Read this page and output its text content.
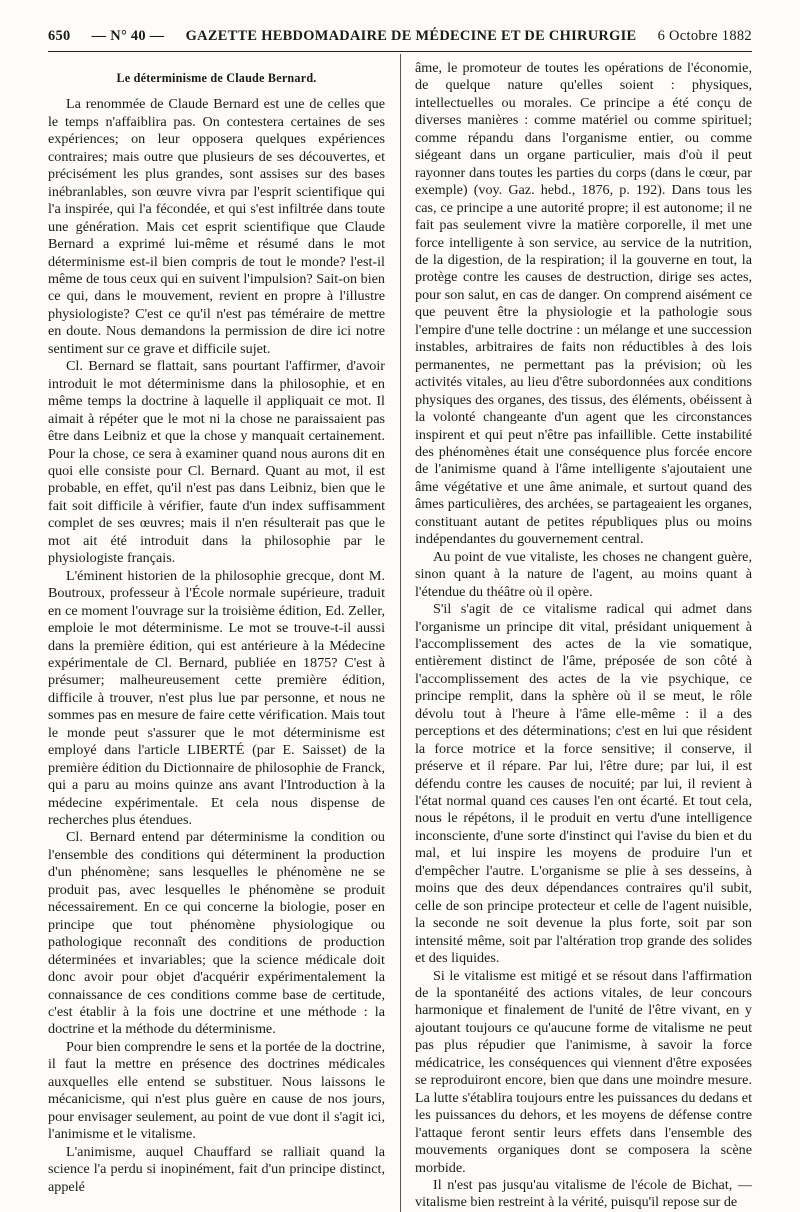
650 — N° 40 — GAZETTE HEBDOMADAIRE DE MÉDECINE ET DE CHIRURGIE 6 Octobre 1882
Le déterminisme de Claude Bernard.

La renommée de Claude Bernard est une de celles que le temps n'affaiblira pas. On contestera certaines de ses expériences; on leur opposera quelques expériences contraires; mais outre que plusieurs de ses découvertes, et précisément les plus grandes, sont assises sur des bases inébranlables, son œuvre vivra par l'esprit scientifique qui l'a inspirée, qui l'a fécondée, et qui s'est infiltrée dans toute une génération. Mais cet esprit scientifique que Claude Bernard a exprimé lui-même et résumé dans le mot déterminisme est-il bien compris de tout le monde? l'est-il même de tous ceux qui en suivent l'impulsion? Sait-on bien ce qui, dans le mouvement, revient en propre à l'illustre physiologiste? C'est ce qu'il n'est pas téméraire de mettre en doute. Nous demandons la permission de dire ici notre sentiment sur ce grave et difficile sujet.

Cl. Bernard se flattait, sans pourtant l'affirmer, d'avoir introduit le mot déterminisme dans la philosophie, et en même temps la doctrine à laquelle il appliquait ce mot. Il aimait à répéter que le mot ni la chose ne paraissaient pas être dans Leibniz et que la chose y manquait certainement. Pour la chose, ce sera à examiner quand nous aurons dit en quoi elle consiste pour Cl. Bernard. Quant au mot, il est probable, en effet, qu'il n'est pas dans Leibniz, bien que le fait soit difficile à vérifier, faute d'un index suffisamment complet de ses œuvres; mais il n'en résulterait pas que le mot ait été introduit dans la philosophie par le physiologiste français.

L'éminent historien de la philosophie grecque, dont M. Boutroux, professeur à l'École normale supérieure, traduit en ce moment l'ouvrage sur la troisième édition, Ed. Zeller, emploie le mot déterminisme. Le mot se trouve-t-il aussi dans la première édition, qui est antérieure à la Médecine expérimentale de Cl. Bernard, publiée en 1875? C'est à présumer; malheureusement cette première édition, difficile à trouver, n'est plus lue par personne, et nous ne sommes pas en mesure de faire cette vérification. Mais tout le monde peut s'assurer que le mot déterminisme est employé dans l'article LIBERTÉ (par E. Saisset) de la première édition du Dictionnaire de philosophie de Franck, qui a paru au moins quinze ans avant l'Introduction à la médecine expérimentale. Et cela nous dispense de recherches plus étendues.

Cl. Bernard entend par déterminisme la condition ou l'ensemble des conditions qui déterminent la production d'un phénomène; sans lesquelles le phénomène ne se produit pas, avec lesquelles le phénomène se produit nécessairement. En ce qui concerne la biologie, poser en principe que tout phénomène physiologique ou pathologique reconnaît des conditions de production déterminées et invariables; que la science médicale doit donc avoir pour objet d'acquérir expérimentalement la connaissance de ces conditions comme base de certitude, c'est établir à la fois une doctrine et une méthode : la doctrine et la méthode du déterminisme.

Pour bien comprendre le sens et la portée de la doctrine, il faut la mettre en présence des doctrines médicales auxquelles elle entend se substituer. Nous laissons le mécanicisme, qui n'est plus guère en cause de nos jours, pour envisager seulement, au point de vue dont il s'agit ici, l'animisme et le vitalisme.

L'animisme, auquel Chauffard se ralliait quand la science l'a perdu si inopinément, fait d'un principe distinct, appelé

âme, le promoteur de toutes les opérations de l'économie, de quelque nature qu'elles soient : physiques, intellectuelles ou morales. Ce principe a été conçu de diverses manières : comme matériel ou comme spirituel; comme répandu dans l'organisme entier, ou comme siégeant dans un organe particulier, mais d'où il peut rayonner dans toutes les parties du corps (dans le cœur, par exemple) (voy. Gaz. hebd., 1876, p. 192). Dans tous les cas, ce principe a une autorité propre; il est autonome; il ne fait pas seulement vivre la matière corporelle, il met une force intelligente à son service, au service de la nutrition, de la digestion, de la respiration; il la gouverne en tout, la protège contre les causes de destruction, dirige ses actes, pour son salut, en cas de danger. On comprend aisément ce que peuvent être la physiologie et la pathologie sous l'empire d'une telle doctrine : un mélange et une succession instables, arbitraires de faits non réductibles à des lois permanentes, ne permettant pas la prévision; où les activités vitales, au lieu d'être subordonnées aux conditions physiques des organes, des tissus, des éléments, obéissent à la volonté changeante d'un agent que les circonstances inspirent et qui peut n'être pas infaillible. Cette instabilité des phénomènes était une conséquence plus forcée encore de l'animisme quand à l'âme intelligente s'ajoutaient une âme végétative et une âme animale, et surtout quand des âmes particulières, des archées, se partageaient les organes, constituant autant de petites républiques plus ou moins indépendantes du gouvernement central.

Au point de vue vitaliste, les choses ne changent guère, sinon quant à la nature de l'agent, au moins quant à l'étendue du théâtre où il opère.

S'il s'agit de ce vitalisme radical qui admet dans l'organisme un principe dit vital, présidant uniquement à l'accomplissement des actes de la vie somatique, entièrement distinct de l'âme, préposée de son côté à l'accomplissement des actes de la vie psychique, ce principe remplit, dans la sphère où il se meut, le rôle dévolu tout à l'heure à l'âme elle-même : il a des perceptions et des déterminations; c'est en lui que résident la force motrice et la force sensitive; il conserve, il préserve et il répare. Par lui, l'être dure; par lui, il est défendu contre les causes de nocuité; par lui, il revient à l'état normal quand ces causes l'en ont écarté. Et tout cela, nous le répétons, il le produit en vertu d'une intelligence inconsciente, d'une sorte d'instinct qui l'avise du bien et du mal, et lui inspire les moyens de produire l'un et d'empêcher l'autre. L'organisme se plie à ses desseins, à moins que des deux dépendances contraires qu'il subit, celle de son principe protecteur et celle de l'agent nuisible, la seconde ne soit devenue la plus forte, soit par son intensité même, soit par l'altération trop grande des solides et des liquides.

Si le vitalisme est mitigé et se résout dans l'affirmation de la spontanéité des actions vitales, de leur concours harmonique et finalement de l'unité de l'être vivant, en y ajoutant toujours ce qu'aucune forme de vitalisme ne peut pas plus répudier que l'animisme, à savoir la force médicatrice, les conséquences qui viennent d'être exposées se reproduiront encore, bien que dans une moindre mesure. La lutte s'établira toujours entre les puissances du dedans et les puissances du dehors, et les moyens de défense contre l'attaque feront sentir leurs effets dans l'ensemble des mouvements organiques dont se composera la scène morbide.

Il n'est pas jusqu'au vitalisme de l'école de Bichat, — vitalisme bien restreint à la vérité, puisqu'il repose sur de
